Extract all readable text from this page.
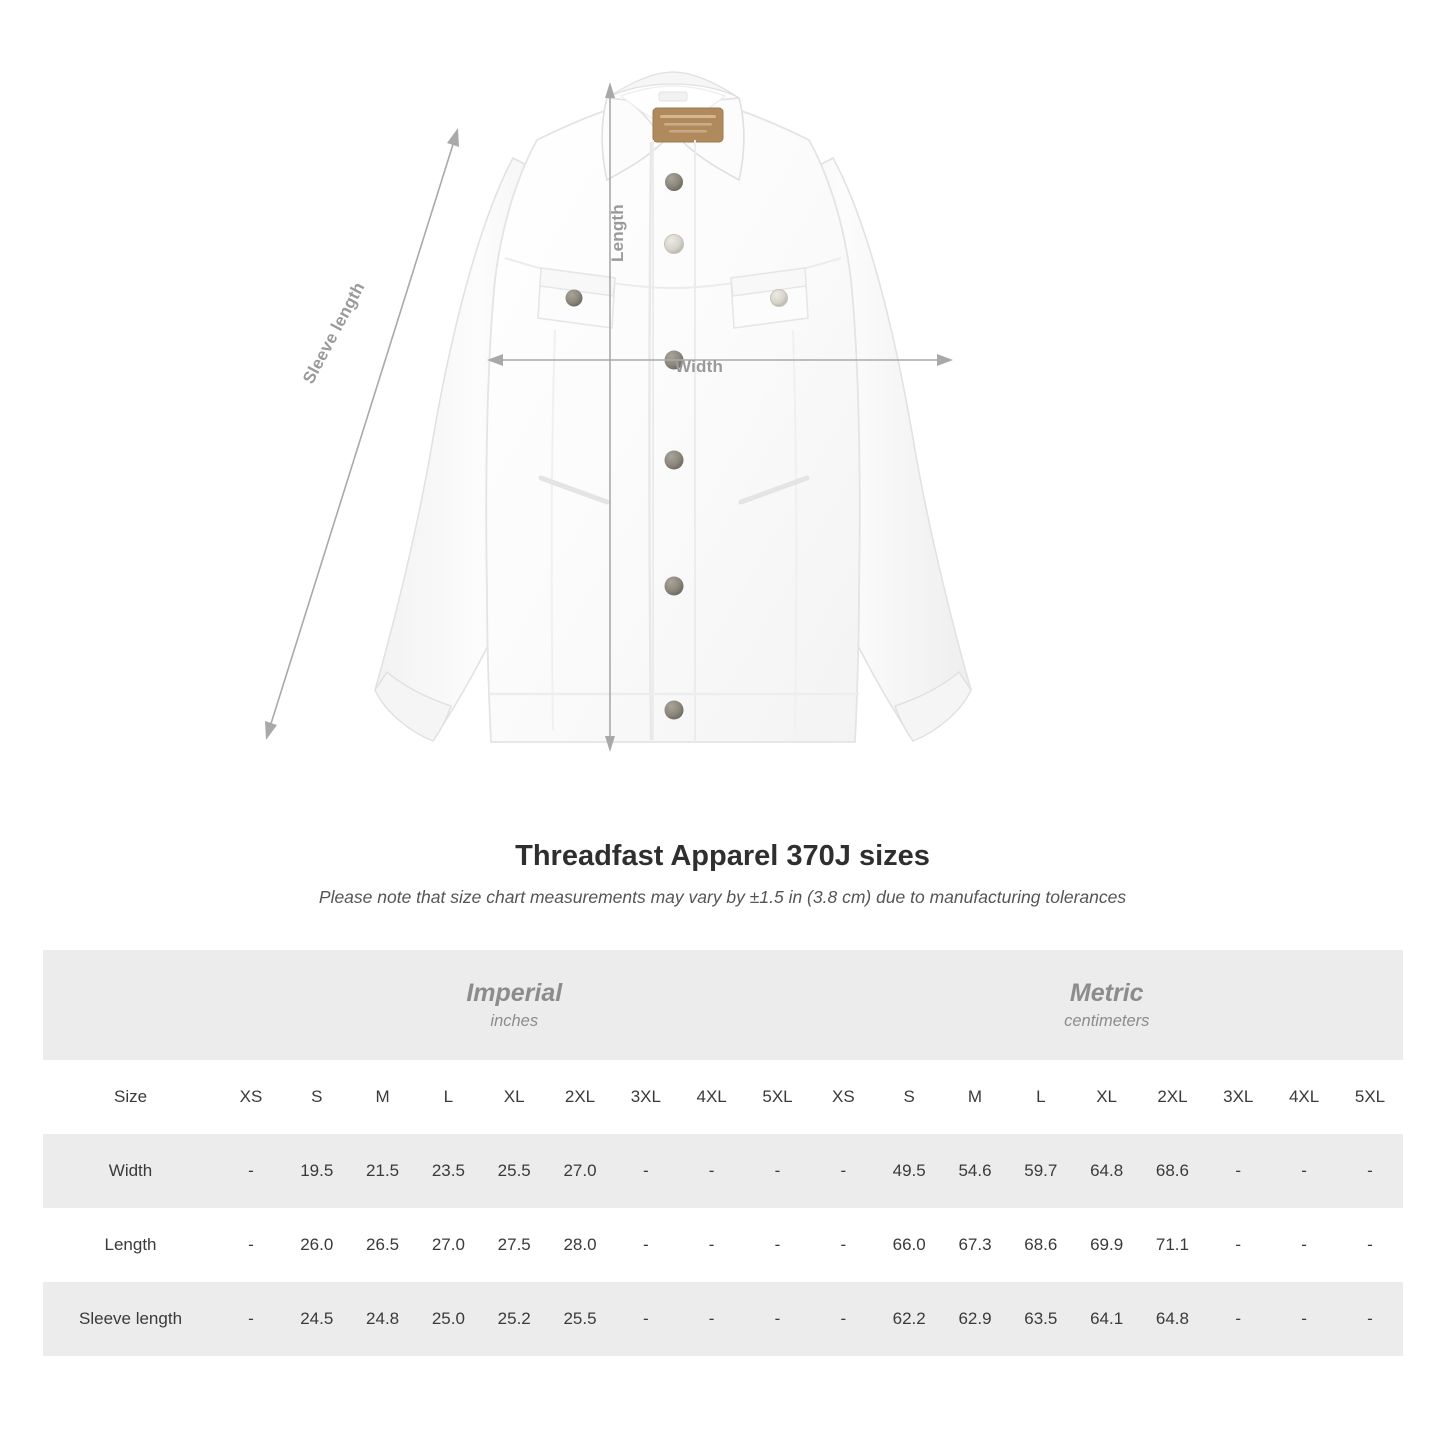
Length
Width
Sleeve length
Threadfast Apparel 370J sizes

Please note that size chart measurements may vary by ±1.5 in (3.8 cm) due to manufacturing tolerances

Imperial
inches

Metric
centimeters

Size	XS	S	M	L	XL	2XL	3XL	4XL	5XL	XS	S	M	L	XL	2XL	3XL	4XL	5XL
Width	-	19.5	21.5	23.5	25.5	27.0	-	-	-	-	49.5	54.6	59.7	64.8	68.6	-	-	-
Length	-	26.0	26.5	27.0	27.5	28.0	-	-	-	-	66.0	67.3	68.6	69.9	71.1	-	-	-
Sleeve length	-	24.5	24.8	25.0	25.2	25.5	-	-	-	-	62.2	62.9	63.5	64.1	64.8	-	-	-
